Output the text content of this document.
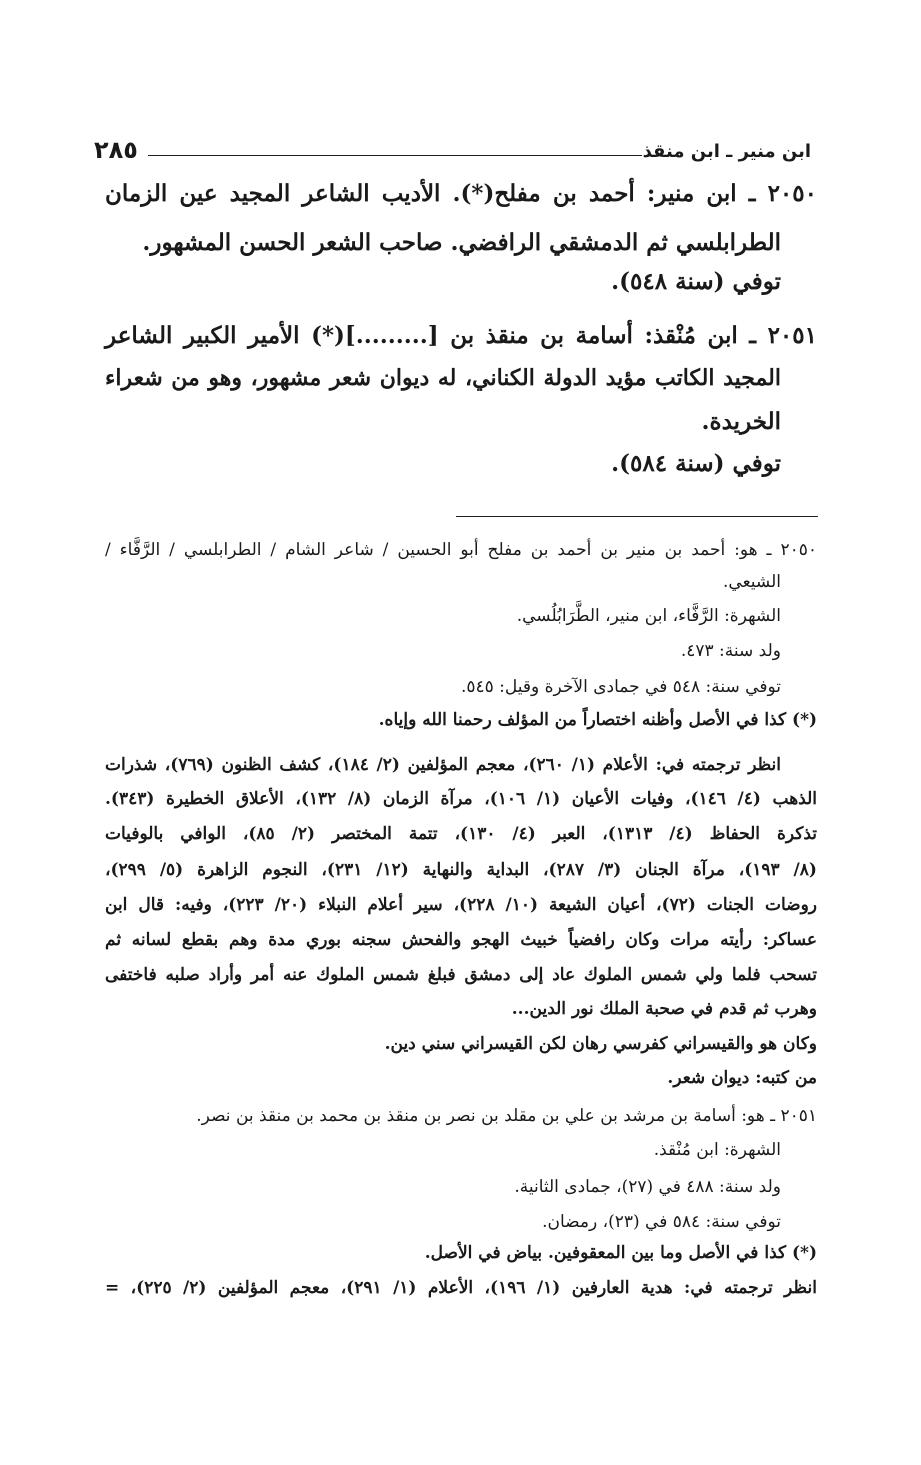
ابن منير ـ ابن منقذ
٢٨٥
٢٠٥٠ ـ ابن منير: أحمد بن مفلح(*). الأديب الشاعر المجيد عين الزمان
الطرابلسي ثم الدمشقي الرافضي. صاحب الشعر الحسن المشهور.
توفي (سنة ٥٤٨).
٢٠٥١ ـ ابن مُنْقذ: أسامة بن منقذ بن [.........](*) الأمير الكبير الشاعر
المجيد الكاتب مؤيد الدولة الكناني، له ديوان شعر مشهور، وهو من شعراء
الخريدة.
توفي (سنة ٥٨٤).
٢٠٥٠ ـ هو: أحمد بن منير بن أحمد بن مفلح أبو الحسين / شاعر الشام / الطرابلسي / الرَّفَّاء /
الشيعي.
الشهرة: الرَّفَّاء، ابن منير، الطَّرَابُلُسي.
ولد سنة: ٤٧٣.
توفي سنة: ٥٤٨ في جمادى الآخرة وقيل: ٥٤٥.
(*) كذا في الأصل وأظنه اختصاراً من المؤلف رحمنا الله وإياه.
انظر ترجمته في: الأعلام (١/ ٢٦٠)، معجم المؤلفين (٢/ ١٨٤)، كشف الظنون (٧٦٩)، شذرات
الذهب (٤/ ١٤٦)، وفيات الأعيان (١/ ١٠٦)، مرآة الزمان (٨/ ١٣٢)، الأعلاق الخطيرة (٣٤٣).
تذكرة الحفاظ (٤/ ١٣١٣)، العبر (٤/ ١٣٠)، تتمة المختصر (٢/ ٨٥)، الوافي بالوفيات
(٨/ ١٩٣)، مرآة الجنان (٣/ ٢٨٧)، البداية والنهاية (١٢/ ٢٣١)، النجوم الزاهرة (٥/ ٢٩٩)،
روضات الجنات (٧٢)، أعيان الشيعة (١٠/ ٢٢٨)، سير أعلام النبلاء (٢٠/ ٢٢٣)، وفيه: قال ابن
عساكر: رأيته مرات وكان رافضياً خبيث الهجو والفحش سجنه بوري مدة وهم بقطع لسانه ثم
تسحب فلما ولي شمس الملوك عاد إلى دمشق فبلغ شمس الملوك عنه أمر وأراد صلبه فاختفى
وهرب ثم قدم في صحبة الملك نور الدين...
وكان هو والقيسراني كفرسي رهان لكن القيسراني سني دين.
من كتبه: ديوان شعر.
٢٠٥١ ـ هو: أسامة بن مرشد بن علي بن مقلد بن نصر بن منقذ بن محمد بن منقذ بن نصر.
الشهرة: ابن مُنْقذ.
ولد سنة: ٤٨٨ في (٢٧)، جمادى الثانية.
توفي سنة: ٥٨٤ في (٢٣)، رمضان.
(*) كذا في الأصل وما بين المعقوفين. بياض في الأصل.
انظر ترجمته في: هدية العارفين (١/ ١٩٦)، الأعلام (١/ ٢٩١)، معجم المؤلفين (٢/ ٢٢٥)، =
